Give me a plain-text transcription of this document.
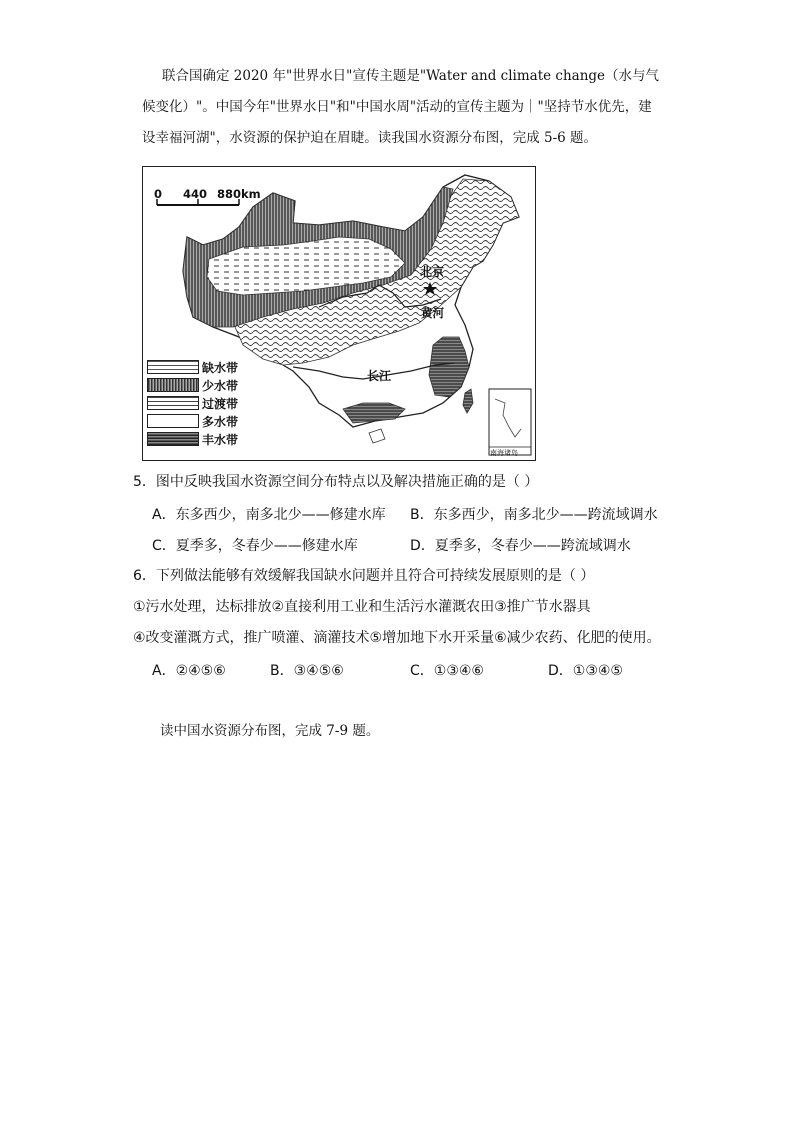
联合国确定 2020 年"世界水日"宣传主题是"Water and climate change（水与气
候变化）"。中国今年"世界水日"和"中国水周"活动的宣传主题为｜"坚持节水优先，建
设幸福河湖"，水资源的保护迫在眉睫。读我国水资源分布图，完成 5-6 题。
0 440 880km
北京
黄河
长江
南海诸岛
缺水带
少水带
过渡带
多水带
丰水带
5．图中反映我国水资源空间分布特点以及解决措施正确的是（ ）
A．东多西少，南多北少——修建水库 B．东多西少，南多北少——跨流域调水
C．夏季多，冬春少——修建水库	D．夏季多，冬春少——跨流域调水
6．下列做法能够有效缓解我国缺水问题并且符合可持续发展原则的是（ ）
①污水处理，达标排放②直接利用工业和生活污水灌溉农田③推广节水器具
④改变灌溉方式，推广喷灌、滴灌技术⑤增加地下水开采量⑥减少农药、化肥的使用。
A．②④⑤⑥	B．③④⑤⑥	C．①③④⑥	D．①③④⑤
读中国水资源分布图，完成 7-9 题。
